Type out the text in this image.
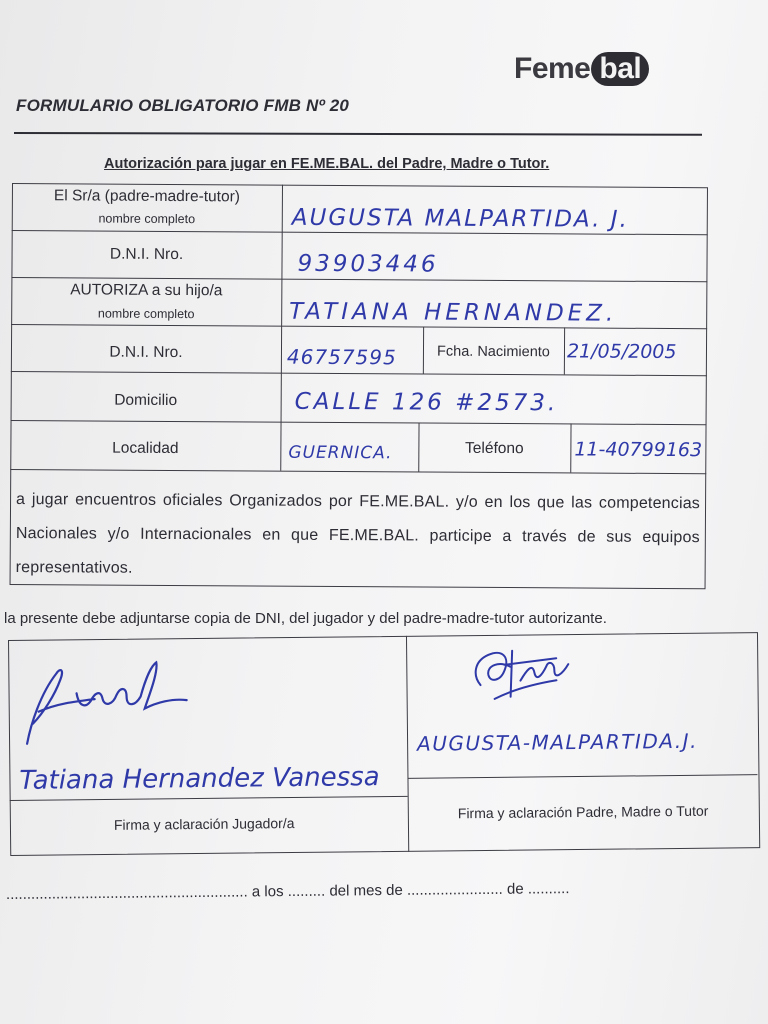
Feme bal
FORMULARIO OBLIGATORIO FMB Nº 20
Autorización para jugar en FE.ME.BAL. del Padre, Madre o Tutor.
El Sr/a (padre-madre-tutor)
nombre completo	AUGUSTA MALPARTIDA. J.
D.N.I. Nro.	93903446
AUTORIZA a su hijo/a
nombre completo	TATIANA HERNANDEZ.
D.N.I. Nro.	46757595	Fcha. Nacimiento 21/05/2005
Domicilio	CALLE 126 #2573.
Localidad	GUERNICA.	Teléfono	11-40799163
a jugar encuentros oficiales Organizados por FE.ME.BAL. y/o en los que las competencias Nacionales y/o Internacionales en que FE.ME.BAL. participe a través de sus equipos representativos.
la presente debe adjuntarse copia de DNI, del jugador y del padre-madre-tutor autorizante.
Tatiana Hernandez Vanessa
Firma y aclaración Jugador/a
AUGUSTA-MALPARTIDA.J.
Firma y aclaración Padre, Madre o Tutor
.......................................................... a los ......... del mes de ....................... de ..........
